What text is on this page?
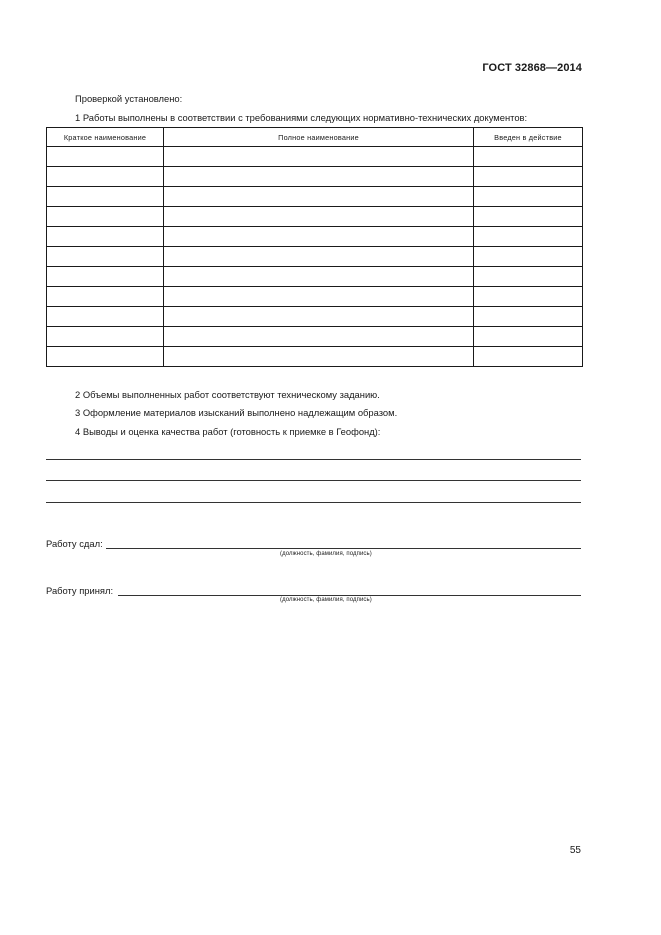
ГОСТ 32868—2014
Проверкой установлено:
1 Работы выполнены в соответствии с требованиями следующих нормативно-технических документов:
Краткое наименование	Полное наименование	Введен в действие

2 Объемы выполненных работ соответствуют техническому заданию.
3 Оформление материалов изысканий выполнено надлежащим образом.
4 Выводы и оценка качества работ (готовность к приемке в Геофонд):
Работу сдал:
(должность, фамилия, подпись)
Работу принял:
(должность, фамилия, подпись)
55
